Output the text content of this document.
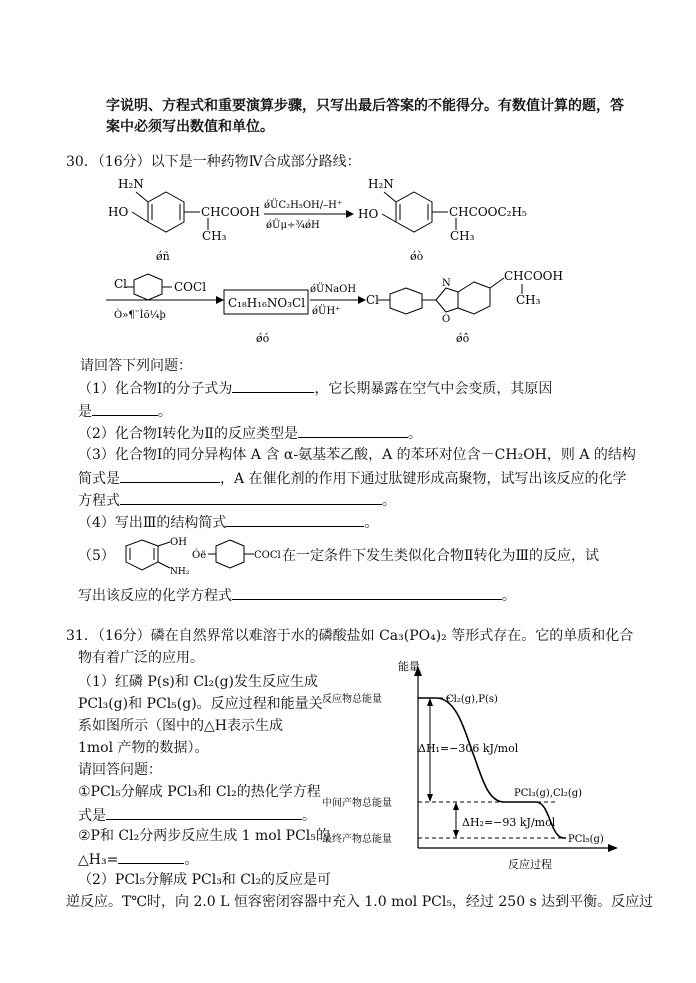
字说明、方程式和重要演算步骤，只写出最后答案的不能得分。有数值计算的题，答
案中必须写出数值和单位。
30．（16分）以下是一种药物Ⅳ合成部分路线：
H₂N
HO	CHCOOH
CH₃
ǿñ
ǿÜC₂H₅OH/–H⁺
ǿÜμ÷¾ǿH
H₂N
HO	CHCOOC₂H₅
CH₃
ǿò
Cl	COCl
Ò»¶¨Ìõ¼þ
C₁₈H₁₆NO₃Cl
ǿó
ǿÜNaOH
ǿÜH⁺
Cl
N
O
CHCOOH
CH₃
ǿô
请回答下列问题：
（1）化合物Ⅰ的分子式为	，它长期暴露在空气中会变质，其原因
是	。
（2）化合物Ⅰ转化为Ⅱ的反应类型是	。
（3）化合物Ⅰ的同分异构体 A 含 α-氨基苯乙酸，A 的苯环对位含－CH₂OH，则 A 的结构
简式是	，A 在催化剂的作用下通过肽键形成高聚物，试写出该反应的化学
方程式	。
（4）写出Ⅲ的结构简式	。
（5）
OH
NH₂
Óë	COCl 在一定条件下发生类似化合物Ⅱ转化为Ⅲ的反应，试
写出该反应的化学方程式	。
31．（16分）磷在自然界常以难溶于水的磷酸盐如 Ca₃(PO₄)₂ 等形式存在。它的单质和化合
物有着广泛的应用。
（1）红磷 P(s)和 Cl₂(g)发生反应生成
PCl₃(g)和 PCl₅(g)。反应过程和能量关
系如图所示（图中的△H表示生成
1mol 产物的数据）。
请回答问题：
①PCl₅分解成 PCl₃和 Cl₂的热化学方程
式是	。
②P和 Cl₂分两步反应生成 1 mol PCl₅的
△H₃=	。
（2）PCl₅分解成 PCl₃和 Cl₂的反应是可
逆反应。T℃时，向 2.0 L 恒容密闭容器中充入 1.0 mol PCl₅，经过 250 s 达到平衡。反应过
能量
反应过程
反应物总能量
中间产物总能量
最终产物总能量
Cl₂(g),P(s)
PCl₃(g),Cl₂(g)
PCl₅(g)
ΔH₁=−306 kJ/mol
ΔH₂=−93 kJ/mol
